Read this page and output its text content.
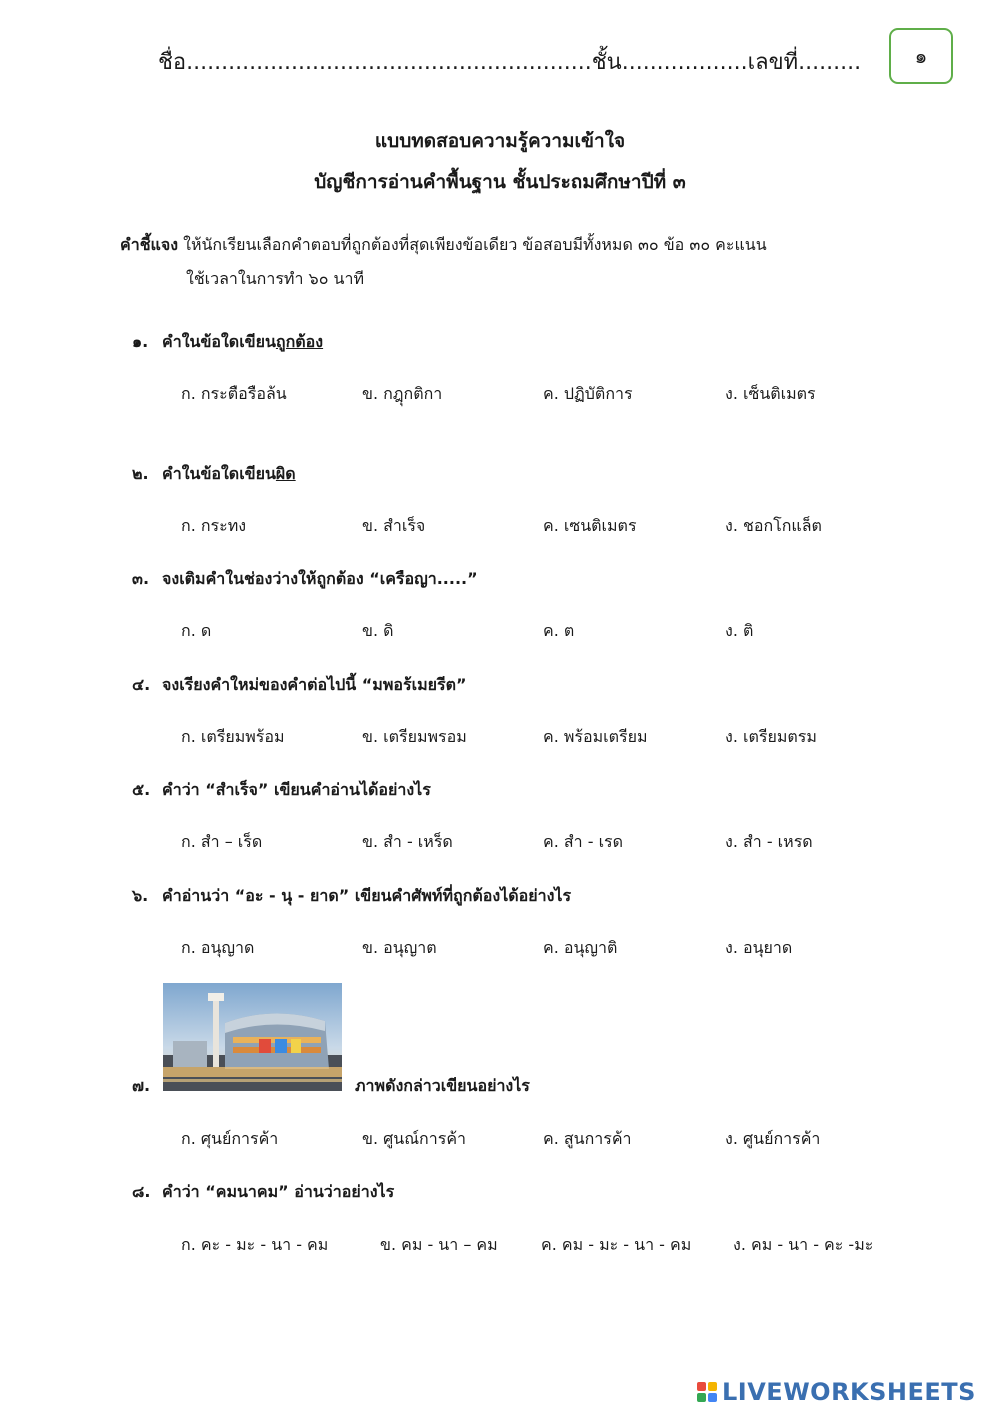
ชื่อ..........................................................ชั้น..................เลขที่.........	๑
แบบทดสอบความรู้ความเข้าใจ
บัญชีการอ่านคำพื้นฐาน ชั้นประถมศึกษาปีที่ ๓
คำชี้แจง ให้นักเรียนเลือกคำตอบที่ถูกต้องที่สุดเพียงข้อเดียว ข้อสอบมีทั้งหมด ๓๐ ข้อ ๓๐ คะแนน
ใช้เวลาในการทำ ๖๐ นาที
๑. คำในข้อใดเขียนถูกต้อง
ก. กระตือรือล้น	ข. กฎุกติกา	ค. ปฏิบัติการ	ง. เซ็นติเมตร
๒. คำในข้อใดเขียนผิด
ก. กระทง	ข. สำเร็จ	ค. เซนติเมตร	ง. ชอกโกแล็ต
๓. จงเติมคำในช่องว่างให้ถูกต้อง “เครือญา.....”
ก. ด	ข. ดิ	ค. ต	ง. ติ
๔. จงเรียงคำใหม่ของคำต่อไปนี้ “มพอร้เมยรีต”
ก. เตรียมพร้อม	ข. เตรียมพรอม	ค. พร้อมเตรียม	ง. เตรียมตรม
๕. คำว่า “สำเร็จ” เขียนคำอ่านได้อย่างไร
ก. สำ – เร็ด	ข. สำ - เหร็ด	ค. สำ - เรด	ง. สำ - เหรด
๖. คำอ่านว่า “อะ - นุ - ยาด” เขียนคำศัพท์ที่ถูกต้องได้อย่างไร
ก. อนุญาด	ข. อนุญาต	ค. อนุญาติ	ง. อนุยาด
๗.	ภาพดังกล่าวเขียนอย่างไร
ก. ศุนย์การค้า	ข. ศูนณ์การค้า	ค. สูนการค้า	ง. ศูนย์การค้า
๘. คำว่า “คมนาคม” อ่านว่าอย่างไร
ก. คะ - มะ - นา - คม	ข. คม - นา – คม	ค. คม - มะ - นา - คม	ง. คม - นา - คะ -มะ
LIVEWORKSHEETS
